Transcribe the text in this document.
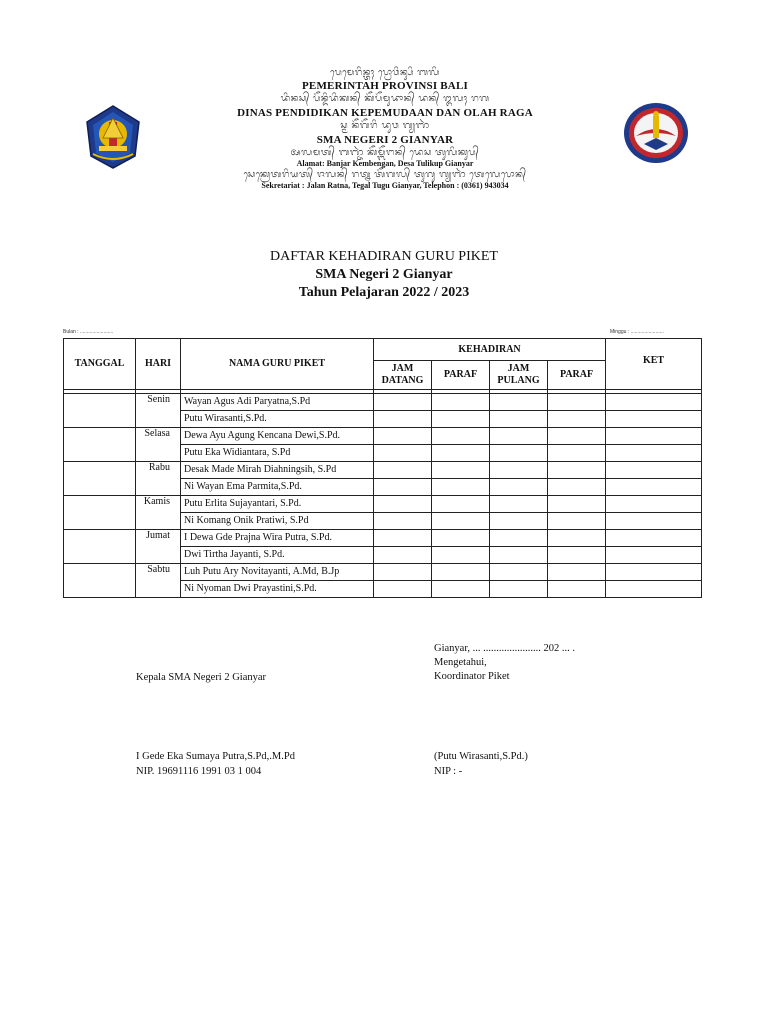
ᬧᬾᬫᬾᬭᬶᬦ᭄ᬢᬄ ᬧ᭄ᬭᭀᬯᬶᬦ᭄ᬲᬶ ᬩᬮᬶ
PEMERINTAH PROVINSI BALI
ᬤᬶᬦᬲ᭄ ᬧᭂᬦ᭄ᬤᬶᬤᬶᬓᬦ᭄ ᬓᭂᬧᭂᬫᬸᬤᬵᬦ᭄ ᬤᬦ᭄ ᬑᬮᬄ ᬭᬕ
DINAS PENDIDIKAN KEPEMUDAAN DAN OLAH RAGA
ᬲ᭄ᬫ ᬦᭂᬕᭂᬭᬶ ᬤᬸᬯ ᬕ᭄ᬬᬜᬃ
SMA NEGERI 2 GIANYAR
ᬅᬮᬫᬢ᭄ ᬩᬜ᭄ᬚᬃ ᬓᭂᬫ᭄ᬩᭂᬗᬦ᭄ ᬤᬾᬲ ᬢᬸᬮᬶᬓᬸᬧ᭄
Alamat: Banjar Kembengan, Desa Tulikup Gianyar
ᬲᬾᬓ᭄ᬭᬾᬢᬭᬶᬬᬢ᭄ ᬚᬮᬦ᭄ ᬭᬢ᭄ᬦ ᬢᭂᬕᬮ᭄ ᬢᬸᬕᬸ ᬕ᭄ᬬᬜᬃ ᬢᬾᬮᬾᬧᭀᬦ᭄
Sekretariat : Jalan Ratna, Tegal Tugu Gianyar, Telephon : (0361) 943034
DAFTAR KEHADIRAN GURU PIKET
SMA Negeri 2 Gianyar
Tahun Pelajaran 2022 / 2023
Bulan : ........................	Minggu : ........................
TANGGAL	HARI	NAMA GURU PIKET	KEHADIRAN				KET
			JAM DATANG	PARAF	JAM PULANG	PARAF	

	Senin	Wayan Agus Adi Paryatna,S.Pd					
		Putu Wirasanti,S.Pd.					
	Selasa	Dewa Ayu Agung Kencana Dewi,S.Pd.					
		Putu Eka Widiantara, S.Pd					
	Rabu	Desak Made Mirah Diahningsih, S.Pd					
		Ni Wayan Ema Parmita,S.Pd.					
	Kamis	Putu Erlita Sujayantari, S.Pd.					
		Ni Komang Onik Pratiwi, S.Pd					
	Jumat	I Dewa Gde Prajna Wira Putra, S.Pd.					
		Dwi Tirtha Jayanti, S.Pd.					
	Sabtu	Luh Putu Ary Novitayanti, A.Md, B.Jp					
		Ni Nyoman Dwi Prayastini,S.Pd.					
Gianyar, ... ...................... 202 ... .
Mengetahui,
Koordinator Piket
Kepala SMA Negeri 2 Gianyar
I Gede Eka Sumaya Putra,S.Pd,.M.Pd
NIP. 19691116 1991 03 1 004
(Putu Wirasanti,S.Pd.)
NIP : -
